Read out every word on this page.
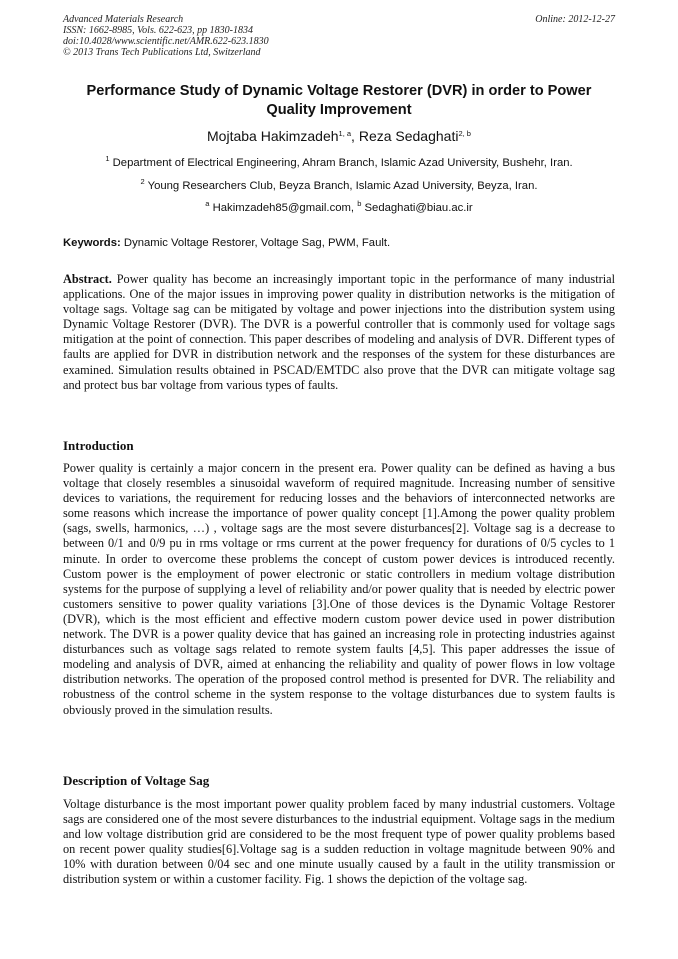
Advanced Materials Research	Online: 2012-12-27
ISSN: 1662-8985, Vols. 622-623, pp 1830-1834
doi:10.4028/www.scientific.net/AMR.622-623.1830
© 2013 Trans Tech Publications Ltd, Switzerland
Performance Study of Dynamic Voltage Restorer (DVR) in order to Power Quality Improvement
Mojtaba Hakimzadeh$^{1, a}$, Reza Sedaghati$^{2, b}$
$^1$ Department of Electrical Engineering, Ahram Branch, Islamic Azad University, Bushehr, Iran.
$^2$ Young Researchers Club, Beyza Branch, Islamic Azad University, Beyza, Iran.
$^a$ Hakimzadeh85@gmail.com, $^b$ Sedaghati@biau.ac.ir
Keywords: Dynamic Voltage Restorer, Voltage Sag, PWM, Fault.
Abstract. Power quality has become an increasingly important topic in the performance of many industrial applications. One of the major issues in improving power quality in distribution networks is the mitigation of voltage sags. Voltage sag can be mitigated by voltage and power injections into the distribution system using Dynamic Voltage Restorer (DVR). The DVR is a powerful controller that is commonly used for voltage sags mitigation at the point of connection. This paper describes of modeling and analysis of DVR. Different types of faults are applied for DVR in distribution network and the responses of the system for these disturbances are examined. Simulation results obtained in PSCAD/EMTDC also prove that the DVR can mitigate voltage sag and protect bus bar voltage from various types of faults.
Introduction
Power quality is certainly a major concern in the present era. Power quality can be defined as having a bus voltage that closely resembles a sinusoidal waveform of required magnitude. Increasing number of sensitive devices to variations, the requirement for reducing losses and the behaviors of interconnected networks are some reasons which increase the importance of power quality concept [1].Among the power quality problem (sags, swells, harmonics, …) , voltage sags are the most severe disturbances[2]. Voltage sag is a decrease to between 0/1 and 0/9 pu in rms voltage or rms current at the power frequency for durations of 0/5 cycles to 1 minute. In order to overcome these problems the concept of custom power devices is introduced recently. Custom power is the employment of power electronic or static controllers in medium voltage distribution systems for the purpose of supplying a level of reliability and/or power quality that is needed by electric power customers sensitive to power quality variations [3].One of those devices is the Dynamic Voltage Restorer (DVR), which is the most efficient and effective modern custom power device used in power distribution network. The DVR is a power quality device that has gained an increasing role in protecting industries against disturbances such as voltage sags related to remote system faults [4,5]. This paper addresses the issue of modeling and analysis of DVR, aimed at enhancing the reliability and quality of power flows in low voltage distribution networks. The operation of the proposed control method is presented for DVR. The reliability and robustness of the control scheme in the system response to the voltage disturbances due to system faults is obviously proved in the simulation results.
Description of Voltage Sag
Voltage disturbance is the most important power quality problem faced by many industrial customers. Voltage sags are considered one of the most severe disturbances to the industrial equipment. Voltage sags in the medium and low voltage distribution grid are considered to be the most frequent type of power quality problems based on recent power quality studies[6].Voltage sag is a sudden reduction in voltage magnitude between 90% and 10% with duration between 0/04 sec and one minute usually caused by a fault in the utility transmission or distribution system or within a customer facility. Fig. 1 shows the depiction of the voltage sag.
